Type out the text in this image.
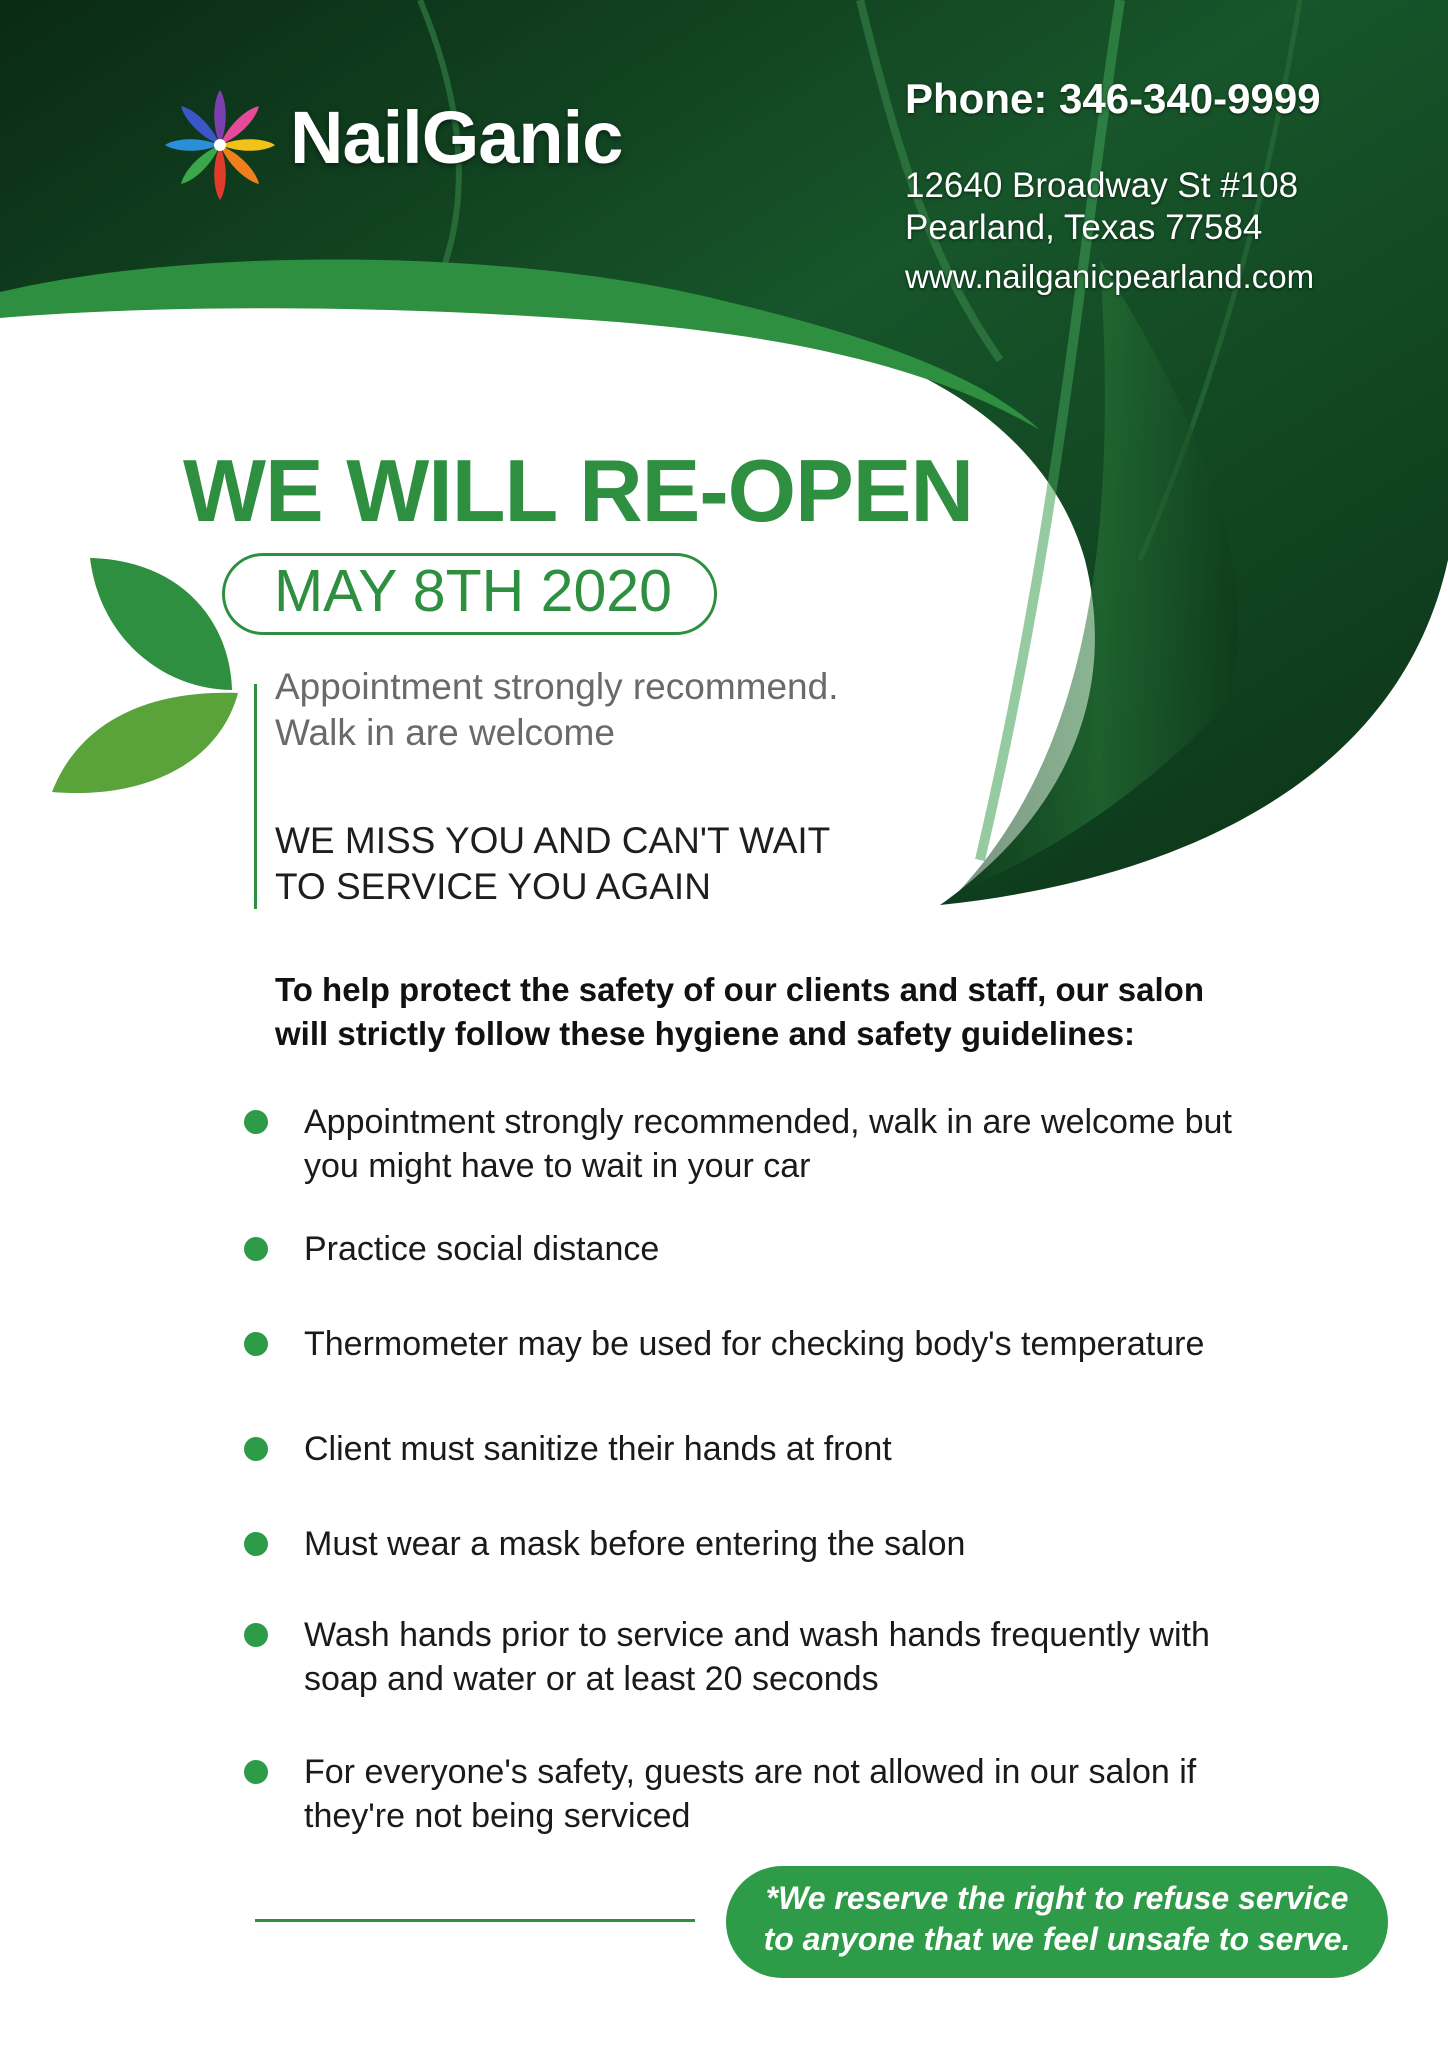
NailGanic	Phone: 346-340-9999
12640 Broadway St #108
Pearland, Texas 77584
www.nailganicpearland.com
WE WILL RE-OPEN
MAY 8TH 2020
Appointment strongly recommend.
Walk in are welcome
WE MISS YOU AND CAN'T WAIT
TO SERVICE YOU AGAIN
To help protect the safety of our clients and staff, our salon
will strictly follow these hygiene and safety guidelines:
Appointment strongly recommended, walk in are welcome but
you might have to wait in your car
Practice social distance
Thermometer may be used for checking body's temperature
Client must sanitize their hands at front
Must wear a mask before entering the salon
Wash hands prior to service and wash hands frequently with
soap and water or at least 20 seconds
For everyone's safety, guests are not allowed in our salon if
they're not being serviced
*We reserve the right to refuse service
to anyone that we feel unsafe to serve.
